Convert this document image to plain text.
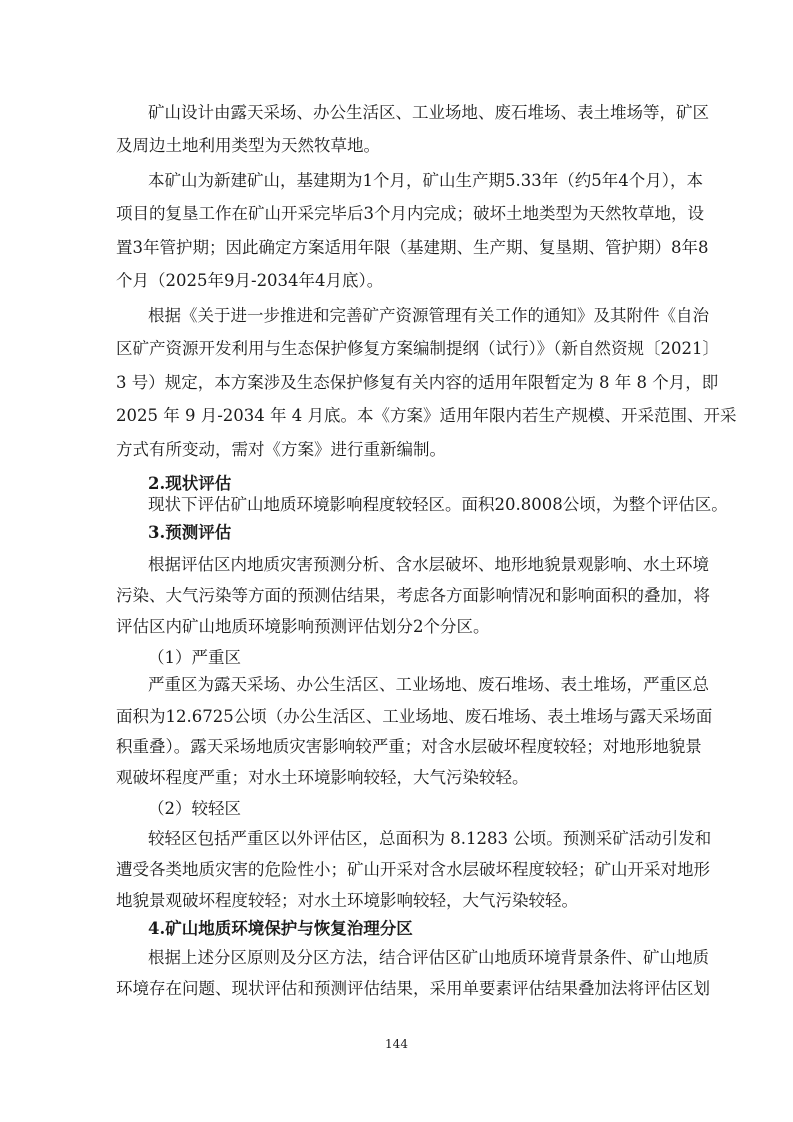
矿山设计由露天采场、办公生活区、工业场地、废石堆场、表土堆场等，矿区
及周边土地利用类型为天然牧草地。
本矿山为新建矿山，基建期为1个月，矿山生产期5.33年（约5年4个月），本
项目的复垦工作在矿山开采完毕后3个月内完成；破坏土地类型为天然牧草地，设
置3年管护期；因此确定方案适用年限（基建期、生产期、复垦期、管护期）8年8
个月（2025年9月-2034年4月底）。
根据《关于进一步推进和完善矿产资源管理有关工作的通知》及其附件《自治
区矿产资源开发利用与生态保护修复方案编制提纲（试行）》（新自然资规〔2021〕
3 号）规定，本方案涉及生态保护修复有关内容的适用年限暂定为 8 年 8 个月，即
2025 年 9 月-2034 年 4 月底。本《方案》适用年限内若生产规模、开采范围、开采
方式有所变动，需对《方案》进行重新编制。
2.现状评估
现状下评估矿山地质环境影响程度较轻区。面积20.8008公顷，为整个评估区。
3.预测评估
根据评估区内地质灾害预测分析、含水层破坏、地形地貌景观影响、水土环境
污染、大气污染等方面的预测估结果，考虑各方面影响情况和影响面积的叠加，将
评估区内矿山地质环境影响预测评估划分2个分区。
（1）严重区
严重区为露天采场、办公生活区、工业场地、废石堆场、表土堆场，严重区总
面积为12.6725公顷（办公生活区、工业场地、废石堆场、表土堆场与露天采场面
积重叠）。露天采场地质灾害影响较严重；对含水层破坏程度较轻；对地形地貌景
观破坏程度严重；对水土环境影响较轻，大气污染较轻。
（2）较轻区
较轻区包括严重区以外评估区，总面积为 8.1283 公顷。预测采矿活动引发和
遭受各类地质灾害的危险性小；矿山开采对含水层破坏程度较轻；矿山开采对地形
地貌景观破坏程度较轻；对水土环境影响较轻，大气污染较轻。
4.矿山地质环境保护与恢复治理分区
根据上述分区原则及分区方法，结合评估区矿山地质环境背景条件、矿山地质
环境存在问题、现状评估和预测评估结果，采用单要素评估结果叠加法将评估区划
144
